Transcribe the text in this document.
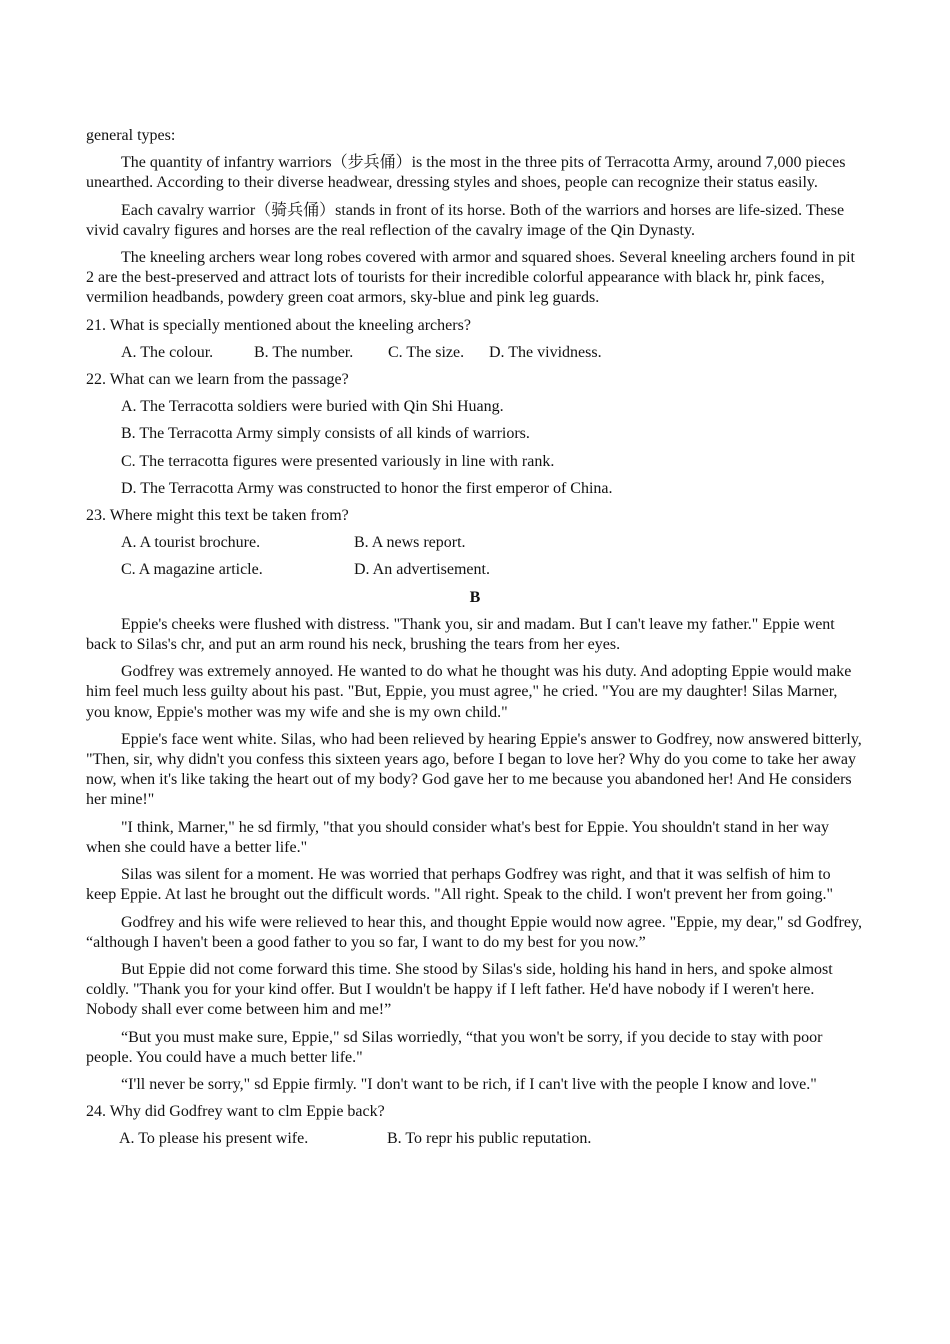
general types:

The quantity of infantry warriors（步兵俑）is the most in the three pits of Terracotta Army, around 7,000 pieces unearthed. According to their diverse headwear, dressing styles and shoes, people can recognize their status easily.

Each cavalry warrior（骑兵俑）stands in front of its horse. Both of the warriors and horses are life-sized. These vivid cavalry figures and horses are the real reflection of the cavalry image of the Qin Dynasty.

The kneeling archers wear long robes covered with armor and squared shoes. Several kneeling archers found in pit 2 are the best-preserved and attract lots of tourists for their incredible colorful appearance with black hr, pink faces, vermilion headbands, powdery green coat armors, sky-blue and pink leg guards.

21. What is specially mentioned about the kneeling archers?

A. The colour.	B. The number. C. The size. D. The vividness.

22. What can we learn from the passage?

A. The Terracotta soldiers were buried with Qin Shi Huang.

B. The Terracotta Army simply consists of all kinds of warriors.

C. The terracotta figures were presented variously in line with rank.

D. The Terracotta Army was constructed to honor the first emperor of China.

23. Where might this text be taken from?

A. A tourist brochure.	B. A news report.
C. A magazine article.	D. An advertisement.

B

Eppie's cheeks were flushed with distress. "Thank you, sir and madam. But I can't leave my father." Eppie went back to Silas's chr, and put an arm round his neck, brushing the tears from her eyes.

Godfrey was extremely annoyed. He wanted to do what he thought was his duty. And adopting Eppie would make him feel much less guilty about his past. "But, Eppie, you must agree," he cried. "You are my daughter! Silas Marner, you know, Eppie's mother was my wife and she is my own child."

Eppie's face went white. Silas, who had been relieved by hearing Eppie's answer to Godfrey, now answered bitterly, "Then, sir, why didn't you confess this sixteen years ago, before I began to love her? Why do you come to take her away now, when it's like taking the heart out of my body? God gave her to me because you abandoned her! And He considers her mine!"

"I think, Marner," he sd firmly, "that you should consider what's best for Eppie. You shouldn't stand in her way when she could have a better life."

Silas was silent for a moment. He was worried that perhaps Godfrey was right, and that it was selfish of him to keep Eppie. At last he brought out the difficult words. "All right. Speak to the child. I won't prevent her from going."

Godfrey and his wife were relieved to hear this, and thought Eppie would now agree. "Eppie, my dear," sd Godfrey, “although I haven't been a good father to you so far, I want to do my best for you now.”

But Eppie did not come forward this time. She stood by Silas's side, holding his hand in hers, and spoke almost coldly. "Thank you for your kind offer. But I wouldn't be happy if I left father. He'd have nobody if I weren't here. Nobody shall ever come between him and me!”

“But you must make sure, Eppie," sd Silas worriedly, “that you won't be sorry, if you decide to stay with poor people. You could have a much better life."

“I'll never be sorry," sd Eppie firmly. "I don't want to be rich, if I can't live with the people I know and love."

24. Why did Godfrey want to clm Eppie back?

A. To please his present wife.	B. To repr his public reputation.
